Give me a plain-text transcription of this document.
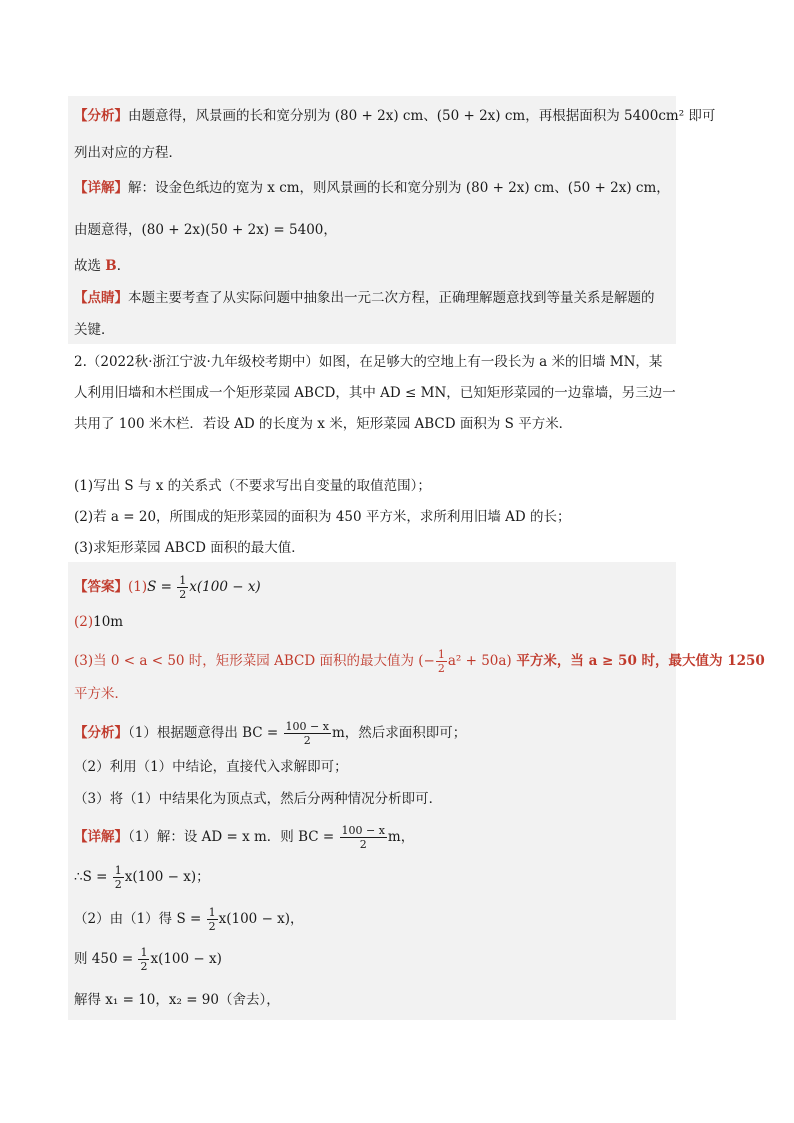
【分析】由题意得，风景画的长和宽分别为 (80 + 2x) cm、(50 + 2x) cm，再根据面积为 5400cm² 即可
列出对应的方程．
【详解】解：设金色纸边的宽为 x cm，则风景画的长和宽分别为 (80 + 2x) cm、(50 + 2x) cm，
由题意得，(80 + 2x)(50 + 2x) = 5400，
故选 B．
【点睛】本题主要考查了从实际问题中抽象出一元二次方程，正确理解题意找到等量关系是解题的
关键．
2.（2022秋·浙江宁波·九年级校考期中）如图，在足够大的空地上有一段长为 a 米的旧墙 MN，某
人利用旧墙和木栏围成一个矩形菜园 ABCD，其中 AD ≤ MN，已知矩形菜园的一边靠墙，另三边一
共用了 100 米木栏．若设 AD 的长度为 x 米，矩形菜园 ABCD 面积为 S 平方米．
(1)写出 S 与 x 的关系式（不要求写出自变量的取值范围）；
(2)若 a = 20，所围成的矩形菜园的面积为 450 平方米，求所利用旧墙 AD 的长；
(3)求矩形菜园 ABCD 面积的最大值．
【答案】$(1)S = \frac{1}{2} x(100 - x)$
(2)10m
(3)当 0 < a < 50 时，矩形菜园 ABCD 面积的最大值为 (− $\frac{1}{2} a^2 + 50a$) 平方米，当 a ≥ 50 时，最大值为 1250
平方米．
【分析】（1）根据题意得出 BC = $\frac{100 - x}{2}$ m，然后求面积即可；
（2）利用（1）中结论，直接代入求解即可；
（3）将（1）中结果化为顶点式，然后分两种情况分析即可．
【详解】（1）解：设 AD = x m．则 BC = $\frac{100 - x}{2}$ m，
∴S = $\frac{1}{2} x(100 - x)$；
（2）由（1）得 $S = \frac{1}{2} x(100 - x)$，
则 $450 = \frac{1}{2} x(100 - x)$
解得 x₁ = 10，x₂ = 90（舍去），
